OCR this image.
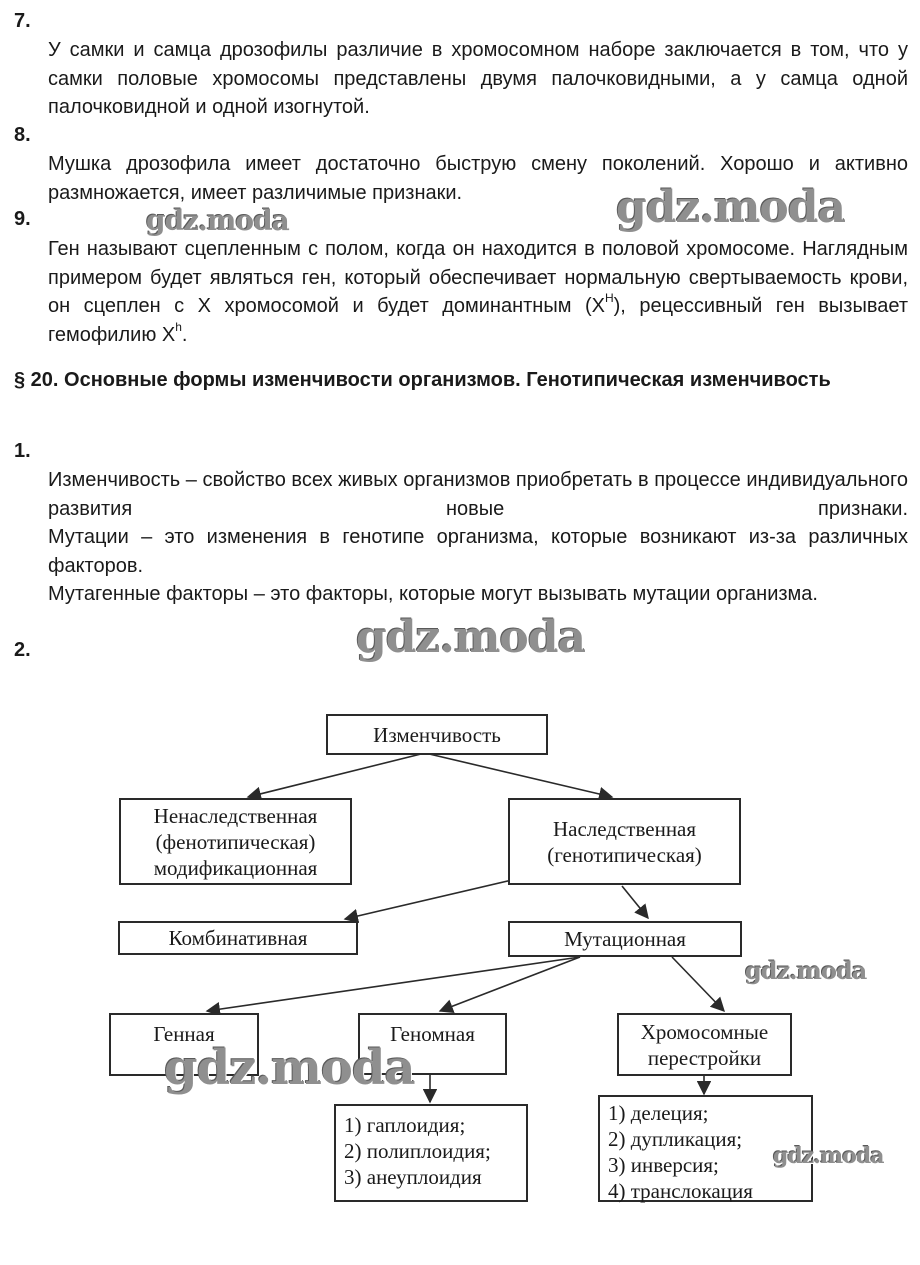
7.
У самки и самца дрозофилы различие в хромосомном наборе заключается в том, что у самки половые хромосомы представлены двумя палочковидными, а у самца одной палочковидной и одной изогнутой.
8.
Мушка дрозофила имеет достаточно быструю смену поколений. Хорошо и активно размножается, имеет различимые признаки.
9.
Ген называют сцепленным с полом, когда он находится в половой хромосоме. Наглядным примером будет являться ген, который обеспечивает нормальную свертываемость крови, он сцеплен с X хромосомой и будет доминантным $(X^H)$, рецессивный ген вызывает гемофилию $X^h$.
§ 20. Основные формы изменчивости организмов. Генотипическая изменчивость
1.
Изменчивость – свойство всех живых организмов приобретать в процессе индивидуального развития новые признаки.
Мутации – это изменения в генотипе организма, которые возникают из-за различных факторов.
Мутагенные факторы – это факторы, которые могут вызывать мутации организма.
2.
Изменчивость
Ненаследственная
(фенотипическая)
модификационная
Наследственная
(генотипическая)
Комбинативная	Мутационная
Генная	Геномная	Хромосомные
перестройки
1) гаплоидия;
2) полиплоидия;
3) анеуплоидия
1) делеция;
2) дупликация;
3) инверсия;
4) транслокация
gdz.moda	gdz.moda
gdz.moda
gdz.moda
gdz.moda
gdz.moda
